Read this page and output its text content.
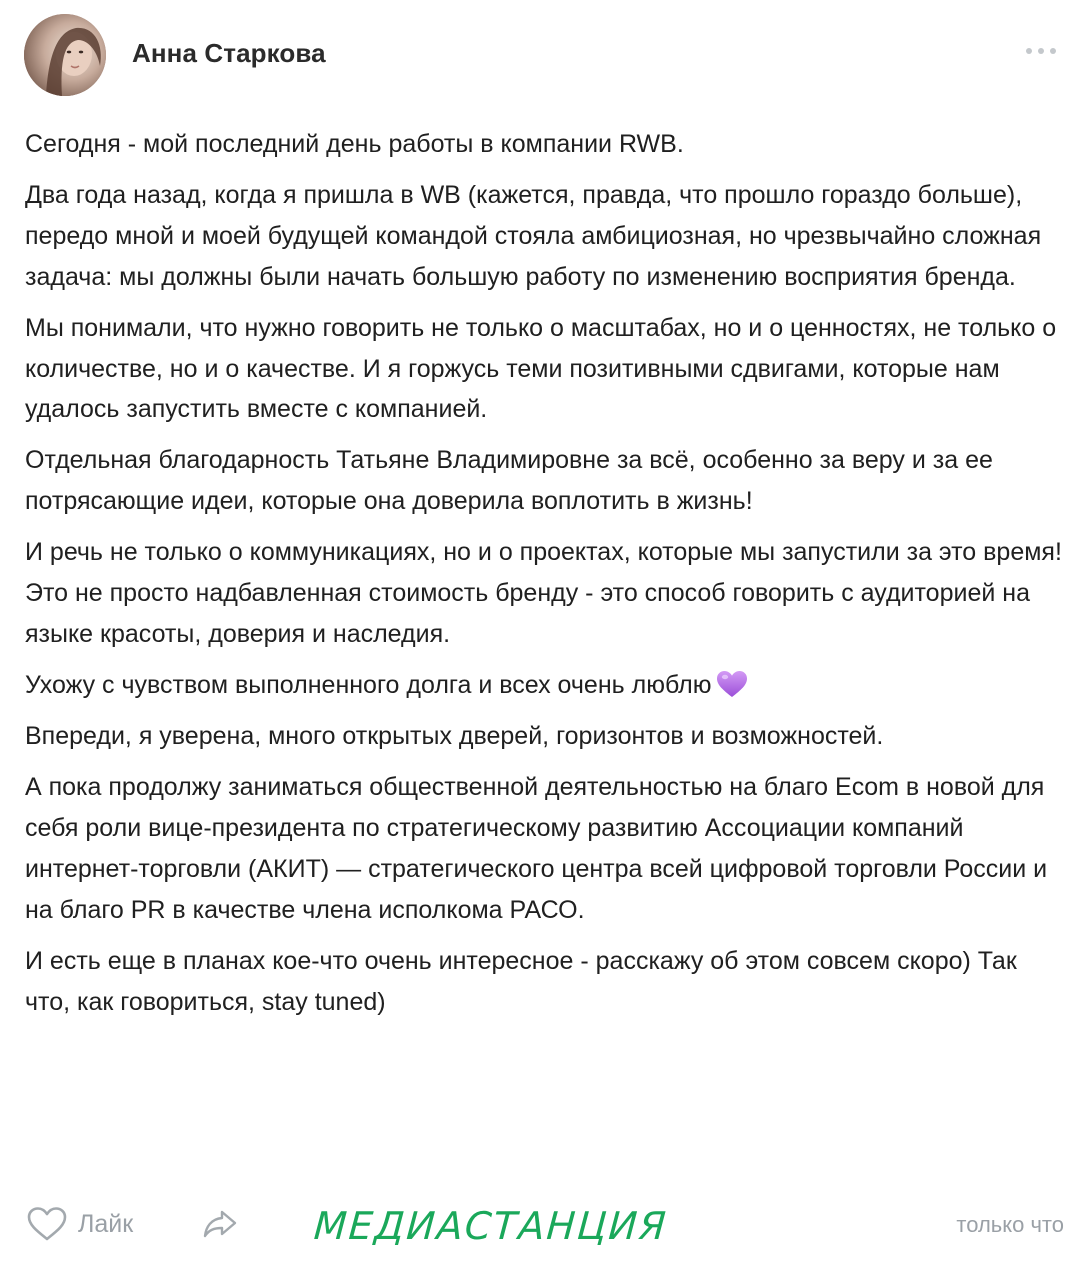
Анна Старкова

Сегодня - мой последний день работы в компании RWB.

Два года назад, когда я пришла в WB (кажется, правда, что прошло гораздо больше), передо мной и моей будущей командой стояла амбициозная, но чрезвычайно сложная задача: мы должны были начать большую работу по изменению восприятия бренда.

Мы понимали, что нужно говорить не только о масштабах, но и о ценностях, не только о количестве, но и о качестве. И я горжусь теми позитивными сдвигами, которые нам удалось запустить вместе с компанией.

Отдельная благодарность Татьяне Владимировне за всё, особенно за веру и за ее потрясающие идеи, которые она доверила воплотить в жизнь!

И речь не только о коммуникациях, но и о проектах, которые мы запустили за это время! Это не просто надбавленная стоимость бренду - это способ говорить с аудиторией на языке красоты, доверия и наследия.

Ухожу с чувством выполненного долга и всех очень люблю

Впереди, я уверена, много открытых дверей, горизонтов и возможностей.

А пока продолжу заниматься общественной деятельностью на благо Ecom в новой для себя роли вице-президента по стратегическому развитию Ассоциации компаний интернет-торговли (АКИТ) — стратегического центра всей цифровой торговли России и на благо PR в качестве члена исполкома РАСО.

И есть еще в планах кое-что очень интересное - расскажу об этом совсем скоро) Так что, как говориться, stay tuned)

Лайк	МЕДИАСТАНЦИЯ	только что
